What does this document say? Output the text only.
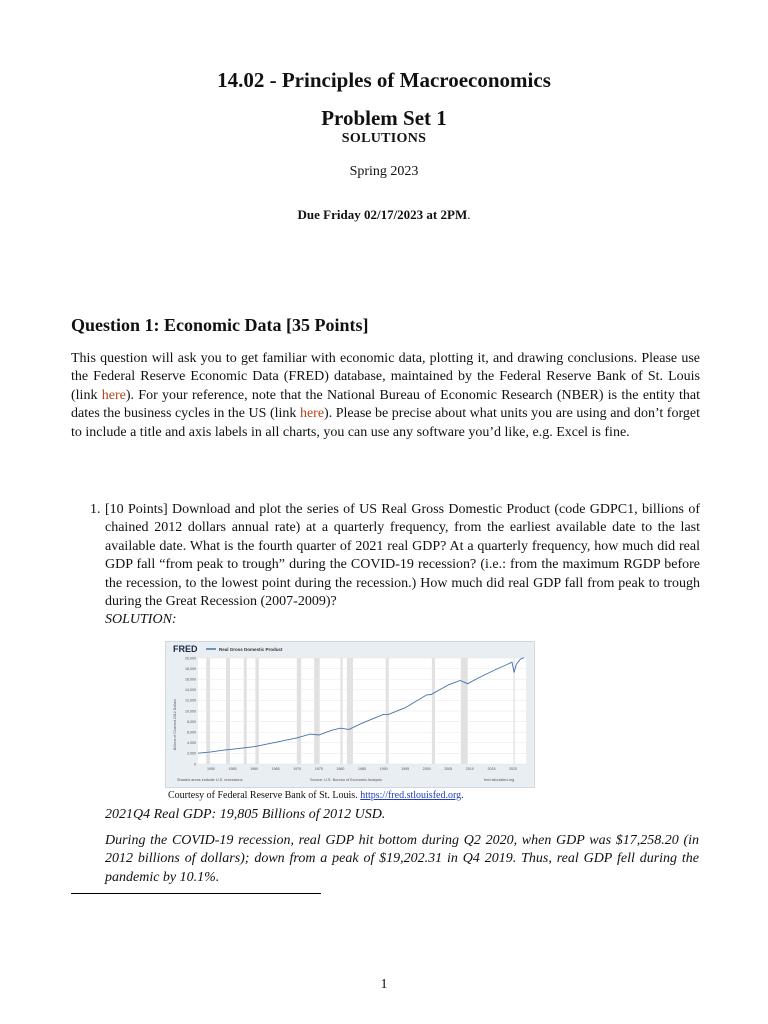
14.02 - Principles of Macroeconomics
Problem Set 1
SOLUTIONS
Spring 2023
Due Friday 02/17/2023 at 2PM.
Question 1: Economic Data [35 Points]
This question will ask you to get familiar with economic data, plotting it, and drawing conclusions. Please use the Federal Reserve Economic Data (FRED) database, maintained by the Federal Reserve Bank of St. Louis (link here). For your reference, note that the National Bureau of Economic Research (NBER) is the entity that dates the business cycles in the US (link here). Please be precise about what units you are using and don’t forget to include a title and axis labels in all charts, you can use any software you’d like, e.g. Excel is fine.
1. [10 Points] Download and plot the series of US Real Gross Domestic Product (code GDPC1, billions of chained 2012 dollars annual rate) at a quarterly frequency, from the earliest available date to the last available date. What is the fourth quarter of 2021 real GDP? At a quarterly frequency, how much did real GDP fall “from peak to trough” during the COVID-19 recession? (i.e.: from the maximum RGDP before the recession, to the lowest point during the recession.) How much did real GDP fall from peak to trough during the Great Recession (2007-2009)?
SOLUTION:
0
2,000
4,000
6,000
8,000
10,000
12,000
14,000
16,000
18,000
20,000
1950	1955	1960	1965	1970	1975	1980	1985	1990	1995	2000	2005	2010	2015	2020
FRED	Real Gross Domestic Product
Billions of Chained 2012 Dollars
Shaded areas indicate U.S. recessions.	Source: U.S. Bureau of Economic Analysis	fred.stlouisfed.org
Courtesy of Federal Reserve Bank of St. Louis. https://fred.stlouisfed.org.
2021Q4 Real GDP: 19,805 Billions of 2012 USD.
During the COVID-19 recession, real GDP hit bottom during Q2 2020, when GDP was $17,258.20 (in 2012 billions of dollars); down from a peak of $19,202.31 in Q4 2019. Thus, real GDP fell during the pandemic by 10.1%.
1
